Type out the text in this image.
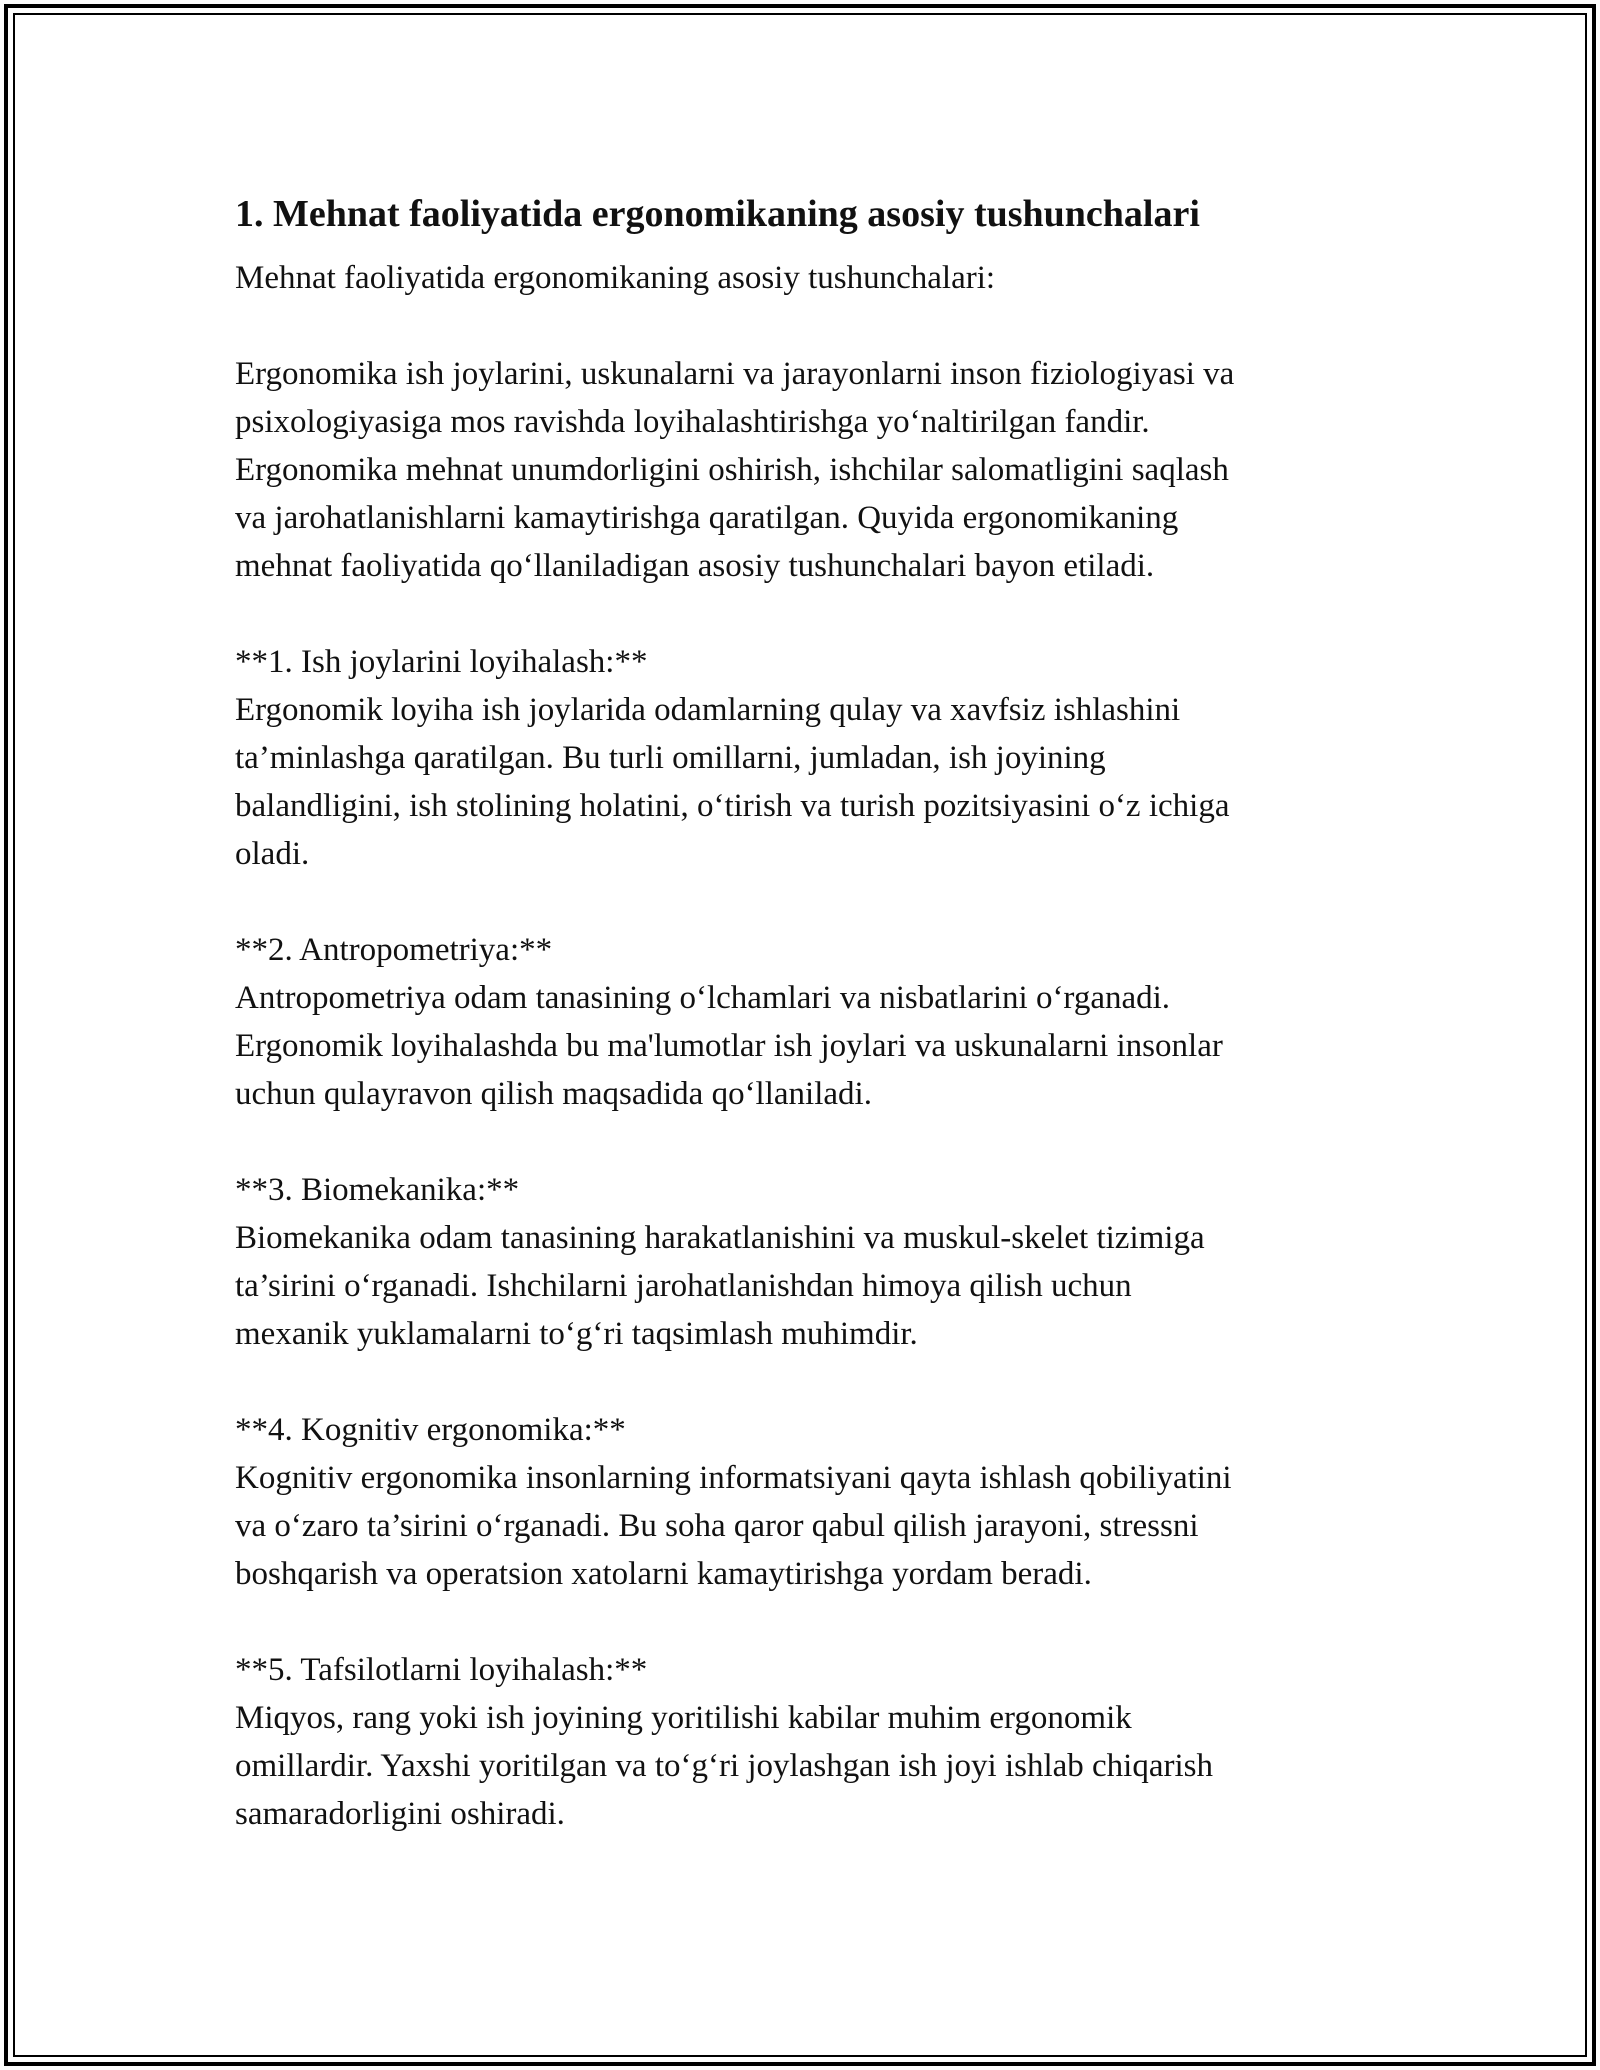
1. Mehnat faoliyatida ergonomikaning asosiy tushunchalari
Mehnat faoliyatida ergonomikaning asosiy tushunchalari:
Ergonomika ish joylarini, uskunalarni va jarayonlarni inson fiziologiyasi va
psixologiyasiga mos ravishda loyihalashtirishga yo‘naltirilgan fandir.
Ergonomika mehnat unumdorligini oshirish, ishchilar salomatligini saqlash
va jarohatlanishlarni kamaytirishga qaratilgan. Quyida ergonomikaning
mehnat faoliyatida qo‘llaniladigan asosiy tushunchalari bayon etiladi.
**1. Ish joylarini loyihalash:**
Ergonomik loyiha ish joylarida odamlarning qulay va xavfsiz ishlashini
ta’minlashga qaratilgan. Bu turli omillarni, jumladan, ish joyining
balandligini, ish stolining holatini, o‘tirish va turish pozitsiyasini o‘z ichiga
oladi.
**2. Antropometriya:**
Antropometriya odam tanasining o‘lchamlari va nisbatlarini o‘rganadi.
Ergonomik loyihalashda bu ma'lumotlar ish joylari va uskunalarni insonlar
uchun qulayravon qilish maqsadida qo‘llaniladi.
**3. Biomekanika:**
Biomekanika odam tanasining harakatlanishini va muskul-skelet tizimiga
ta’sirini o‘rganadi. Ishchilarni jarohatlanishdan himoya qilish uchun
mexanik yuklamalarni to‘g‘ri taqsimlash muhimdir.
**4. Kognitiv ergonomika:**
Kognitiv ergonomika insonlarning informatsiyani qayta ishlash qobiliyatini
va o‘zaro ta’sirini o‘rganadi. Bu soha qaror qabul qilish jarayoni, stressni
boshqarish va operatsion xatolarni kamaytirishga yordam beradi.
**5. Tafsilotlarni loyihalash:**
Miqyos, rang yoki ish joyining yoritilishi kabilar muhim ergonomik
omillardir. Yaxshi yoritilgan va to‘g‘ri joylashgan ish joyi ishlab chiqarish
samaradorligini oshiradi.
